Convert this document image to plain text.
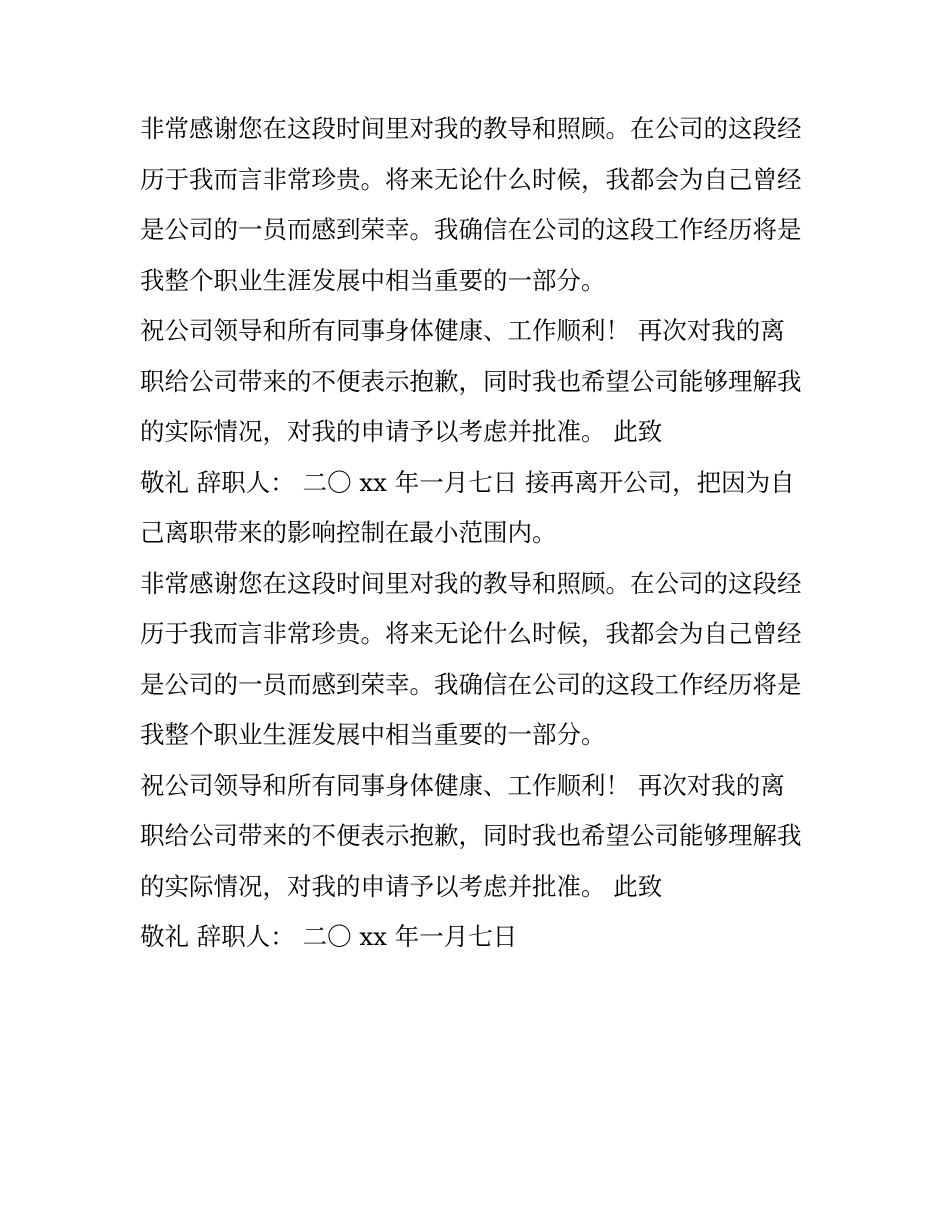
非常感谢您在这段时间里对我的教导和照顾。在公司的这段经
历于我而言非常珍贵。将来无论什么时候，我都会为自己曾经
是公司的一员而感到荣幸。我确信在公司的这段工作经历将是
我整个职业生涯发展中相当重要的一部分。
祝公司领导和所有同事身体健康、工作顺利！ 再次对我的离
职给公司带来的不便表示抱歉，同时我也希望公司能够理解我
的实际情况，对我的申请予以考虑并批准。 此致
敬礼 辞职人： 二〇 xx 年一月七日 接再离开公司，把因为自
己离职带来的影响控制在最小范围内。
非常感谢您在这段时间里对我的教导和照顾。在公司的这段经
历于我而言非常珍贵。将来无论什么时候，我都会为自己曾经
是公司的一员而感到荣幸。我确信在公司的这段工作经历将是
我整个职业生涯发展中相当重要的一部分。
祝公司领导和所有同事身体健康、工作顺利！ 再次对我的离
职给公司带来的不便表示抱歉，同时我也希望公司能够理解我
的实际情况，对我的申请予以考虑并批准。 此致
敬礼 辞职人： 二〇 xx 年一月七日
